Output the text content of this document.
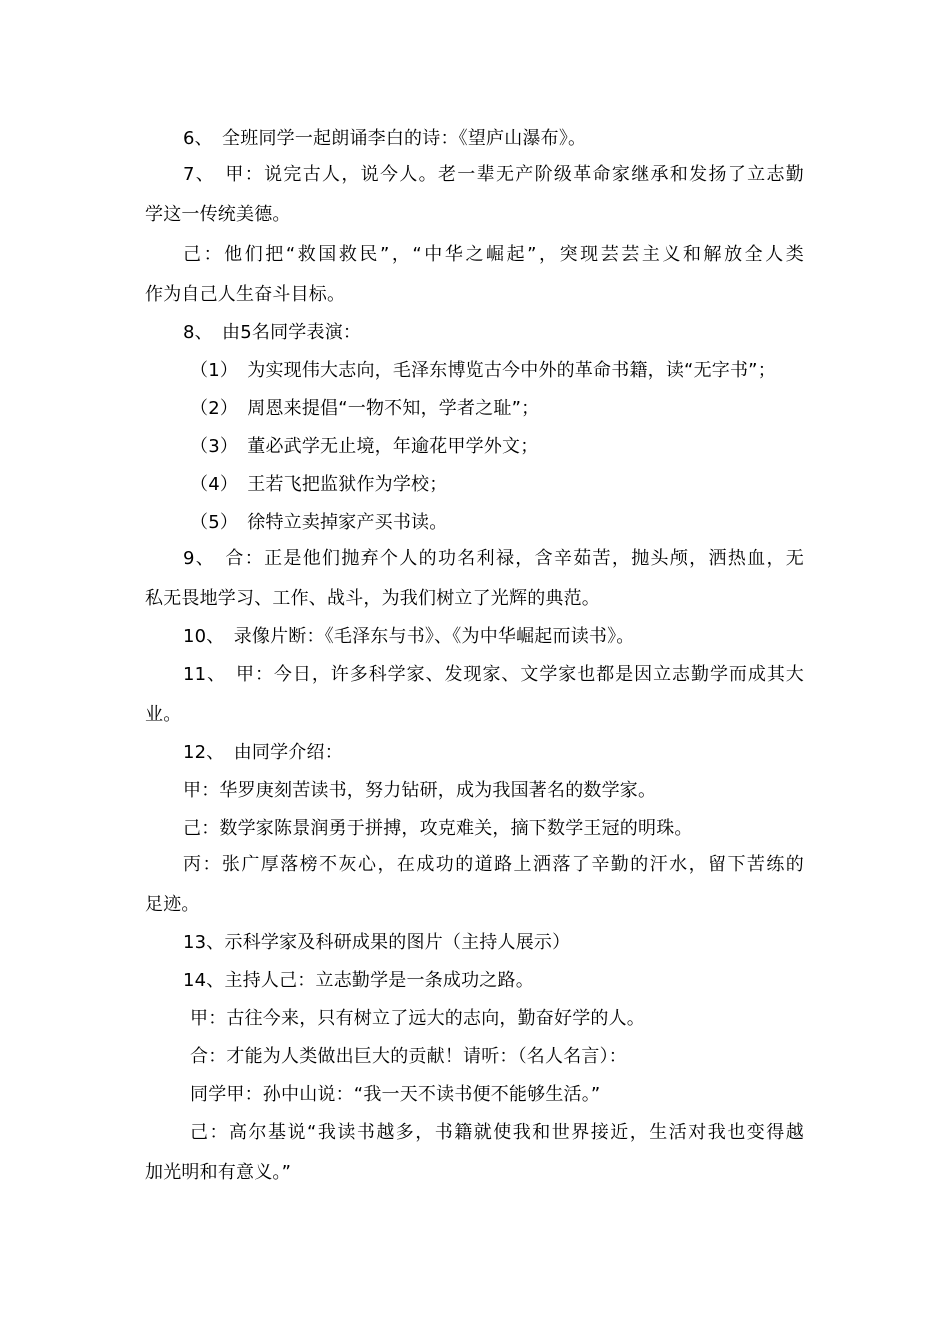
6、　全班同学一起朗诵李白的诗：《望庐山瀑布》。
7、　甲：说完古人，说今人。老一辈无产阶级革命家继承和发扬了立志勤
学这一传统美德。
己：他们把“救国救民”，“中华之崛起”，突现芸芸主义和解放全人类
作为自己人生奋斗目标。
8、　由5名同学表演：
（1）　为实现伟大志向，毛泽东博览古今中外的革命书籍，读“无字书”；
（2）　周恩来提倡“一物不知，学者之耻”；
（3）　董必武学无止境，年逾花甲学外文；
（4）　王若飞把监狱作为学校；
（5）　徐特立卖掉家产买书读。
9、　合：正是他们抛弃个人的功名利禄，含辛茹苦，抛头颅，洒热血，无
私无畏地学习、工作、战斗，为我们树立了光辉的典范。
10、　录像片断：《毛泽东与书》、《为中华崛起而读书》。
11、　甲：今日，许多科学家、发现家、文学家也都是因立志勤学而成其大
业。
12、　由同学介绍：
甲：华罗庚刻苦读书，努力钻研，成为我国著名的数学家。
己：数学家陈景润勇于拼搏，攻克难关，摘下数学王冠的明珠。
丙：张广厚落榜不灰心，在成功的道路上洒落了辛勤的汗水，留下苦练的
足迹。
13、示科学家及科研成果的图片（主持人展示）
14、主持人己：立志勤学是一条成功之路。
甲：古往今来，只有树立了远大的志向，勤奋好学的人。
合：才能为人类做出巨大的贡献！请听：（名人名言）：
同学甲：孙中山说：“我一天不读书便不能够生活。”
己：高尔基说“我读书越多，书籍就使我和世界接近，生活对我也变得越
加光明和有意义。”
